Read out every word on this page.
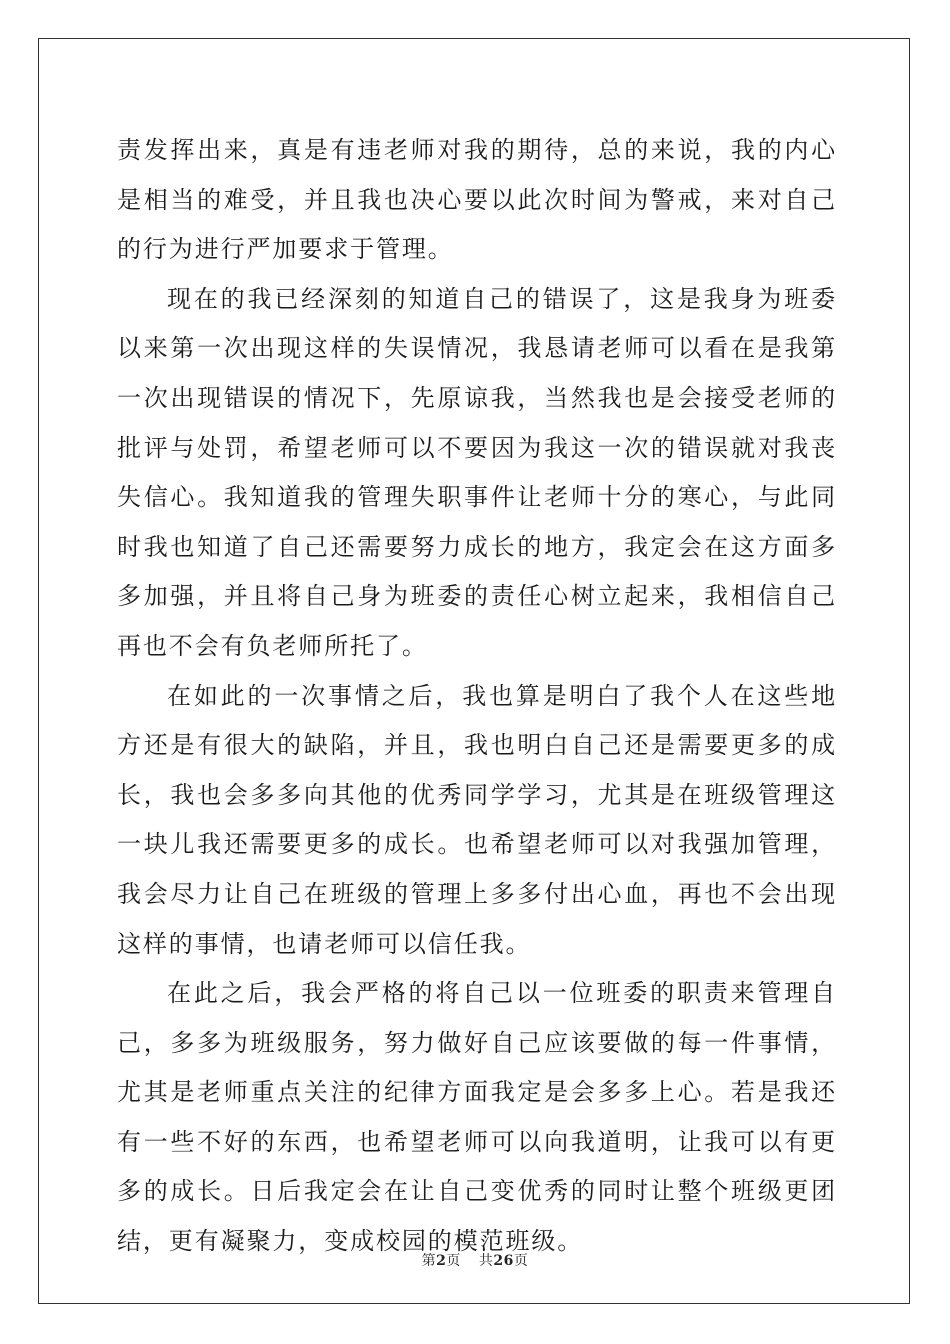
责发挥出来，真是有违老师对我的期待，总的来说，我的内心是相当的难受，并且我也决心要以此次时间为警戒，来对自己的行为进行严加要求于管理。

现在的我已经深刻的知道自己的错误了，这是我身为班委以来第一次出现这样的失误情况，我恳请老师可以看在是我第一次出现错误的情况下，先原谅我，当然我也是会接受老师的批评与处罚，希望老师可以不要因为我这一次的错误就对我丧失信心。我知道我的管理失职事件让老师十分的寒心，与此同时我也知道了自己还需要努力成长的地方，我定会在这方面多多加强，并且将自己身为班委的责任心树立起来，我相信自己再也不会有负老师所托了。

在如此的一次事情之后，我也算是明白了我个人在这些地方还是有很大的缺陷，并且，我也明白自己还是需要更多的成长，我也会多多向其他的优秀同学学习，尤其是在班级管理这一块儿我还需要更多的成长。也希望老师可以对我强加管理，我会尽力让自己在班级的管理上多多付出心血，再也不会出现这样的事情，也请老师可以信任我。

在此之后，我会严格的将自己以一位班委的职责来管理自己，多多为班级服务，努力做好自己应该要做的每一件事情，尤其是老师重点关注的纪律方面我定是会多多上心。若是我还有一些不好的东西，也希望老师可以向我道明，让我可以有更多的成长。日后我定会在让自己变优秀的同时让整个班级更团结，更有凝聚力，变成校园的模范班级。

第2页 共26页
